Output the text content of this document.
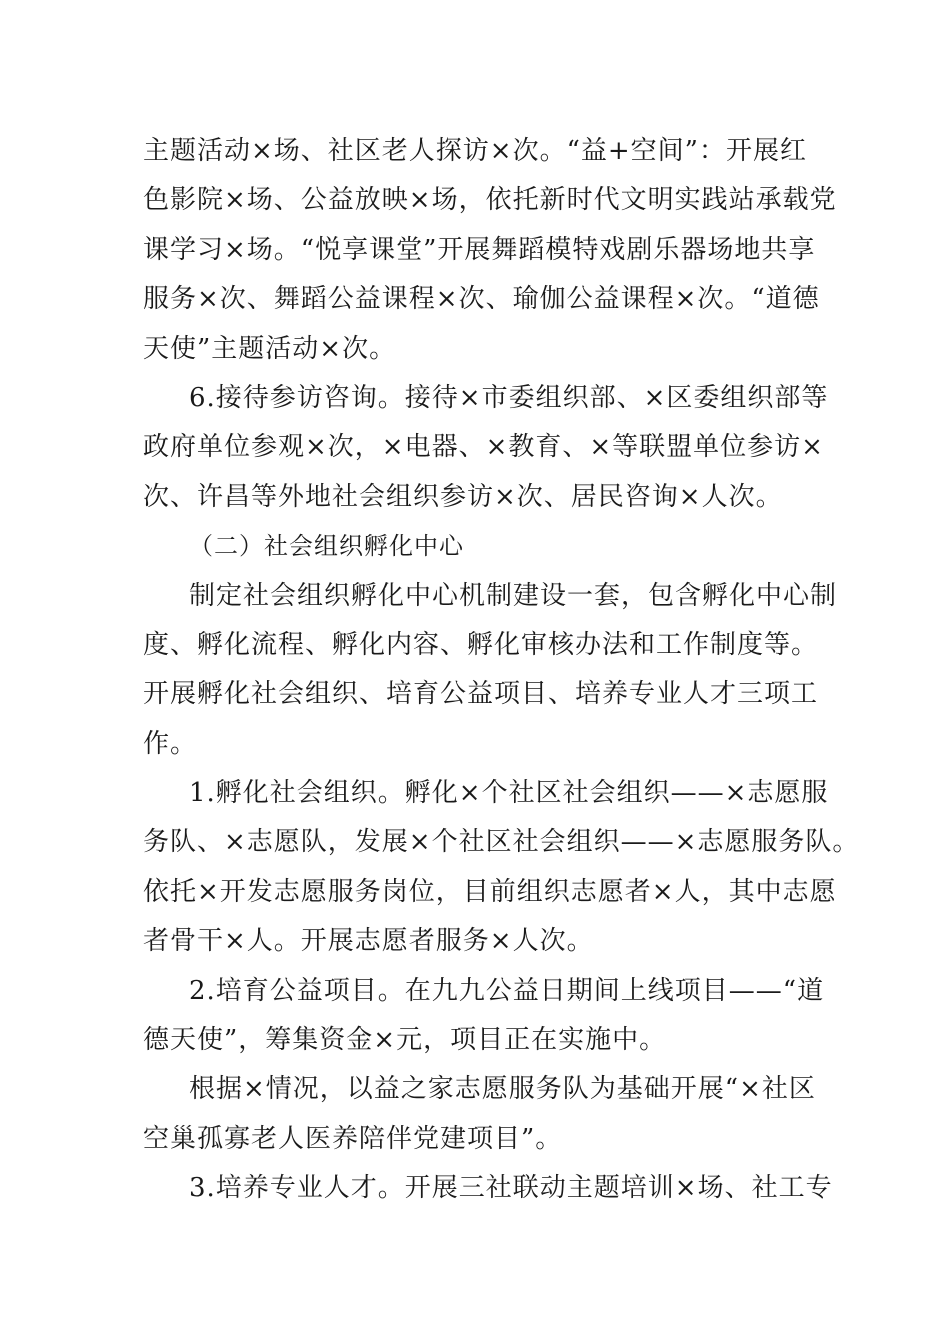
主题活动×场、社区老人探访×次。“益+空间”：开展红
色影院×场、公益放映×场，依托新时代文明实践站承载党
课学习×场。“悦享课堂”开展舞蹈模特戏剧乐器场地共享
服务×次、舞蹈公益课程×次、瑜伽公益课程×次。“道德
天使”主题活动×次。
6.接待参访咨询。接待×市委组织部、×区委组织部等
政府单位参观×次，×电器、×教育、×等联盟单位参访×
次、许昌等外地社会组织参访×次、居民咨询×人次。
（二）社会组织孵化中心
制定社会组织孵化中心机制建设一套，包含孵化中心制
度、孵化流程、孵化内容、孵化审核办法和工作制度等。
开展孵化社会组织、培育公益项目、培养专业人才三项工
作。
1.孵化社会组织。孵化×个社区社会组织——×志愿服
务队、×志愿队，发展×个社区社会组织——×志愿服务队。
依托×开发志愿服务岗位，目前组织志愿者×人，其中志愿
者骨干×人。开展志愿者服务×人次。
2.培育公益项目。在九九公益日期间上线项目——“道
德天使”，筹集资金×元，项目正在实施中。
根据×情况，以益之家志愿服务队为基础开展“×社区
空巢孤寡老人医养陪伴党建项目”。
3.培养专业人才。开展三社联动主题培训×场、社工专
